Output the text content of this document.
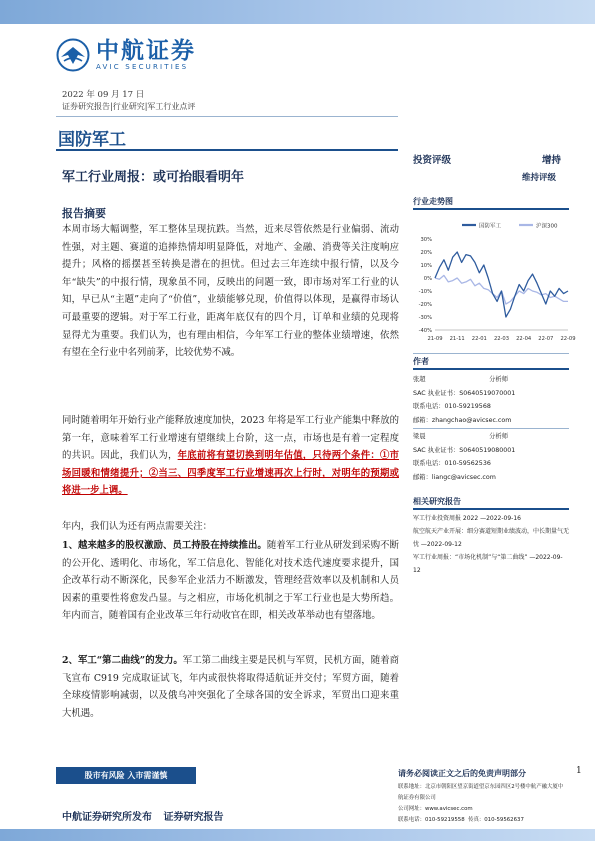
中航证券
AVIC SECURITIES
2022 年 09 月 17 日
证券研究报告|行业研究|军工行业点评
国防军工
军工行业周报：或可抬眼看明年
报告摘要
本周市场大幅调整，军工整体呈现抗跌。当然，近来尽管依然是行业偏弱、流动性强，对主题、赛道的追捧热情却明显降低，对地产、金融、消费等关注度响应提升；风格的摇摆甚至转换是潜在的担忧。但过去三年连续中报行情，以及今年“缺失”的中报行情，现象虽不同，反映出的问题一致，即市场对军工行业的认知，早已从“主题”走向了“价值”，业绩能够兑现，价值得以体现，是赢得市场认可最重要的逻辑。对于军工行业，距离年底仅有的四个月，订单和业绩的兑现将显得尤为重要。我们认为，也有理由相信，今年军工行业的整体业绩增速，依然有望在全行业中名列前茅，比较优势不减。
同时随着明年开始行业产能释放速度加快，2023 年将是军工行业产能集中释放的第一年，意味着军工行业增速有望继续上台阶，这一点，市场也是有着一定程度的共识。因此，我们认为，年底前将有望切换到明年估值，只待两个条件：①市场回暖和情绪提升；②当三、四季度军工行业增速再次上行时，对明年的预期或将进一步上调。
年内，我们认为还有两点需要关注：
1、越来越多的股权激励、员工持股在持续推出。随着军工行业从研发到采购不断的公开化、透明化、市场化，军工信息化、智能化对技术迭代速度要求提升，国企改革行动不断深化，民参军企业活力不断激发，管理经营效率以及机制和人员因素的重要性将愈发凸显。与之相应，市场化机制之于军工行业也是大势所趋。年内而言，随着国有企业改革三年行动收官在即，相关改革举动也有望落地。
2、军工“第二曲线”的发力。军工第二曲线主要是民机与军贸，民机方面，随着商飞宣布 C919 完成取证试飞，年内或很快将取得适航证并交付；军贸方面，随着全球疫情影响减弱，以及俄乌冲突强化了全球各国的安全诉求，军贸出口迎来重大机遇。
投资评级	增持
维持评级
行业走势图
国防军工	沪深300
30%
20%
10%
0%
-10%
-20%
-30%
-40%
21-09 21-11 22-01 22-03 22-04 22-07 22-09
作者
张超	分析师
SAC 执业证书：S0640519070001
联系电话：010-59219568
邮箱：zhangchao@avicsec.com
梁晨	分析师
SAC 执业证书：S0640519080001
联系电话：010-59562536
邮箱：liangc@avicsec.com
相关研究报告
军工行业投资周报 2022 —2022-09-16
航空航天产业开展：细分赛道短期业绩波动，中长期量气无忧 —2022-09-12
军工行业周报：“市场化机制”与“第二曲线” —2022-09-12
股市有风险 入市需谨慎	请务必阅读正文之后的免责声明部分	1
联系地址：北京市朝阳区望京街道望京东园四区2号楼中航产融大厦中航证券有限公司
公司网址：www.avicsec.com
联系电话：010-59219558 传真：010-59562637
中航证券研究所发布 证券研究报告
